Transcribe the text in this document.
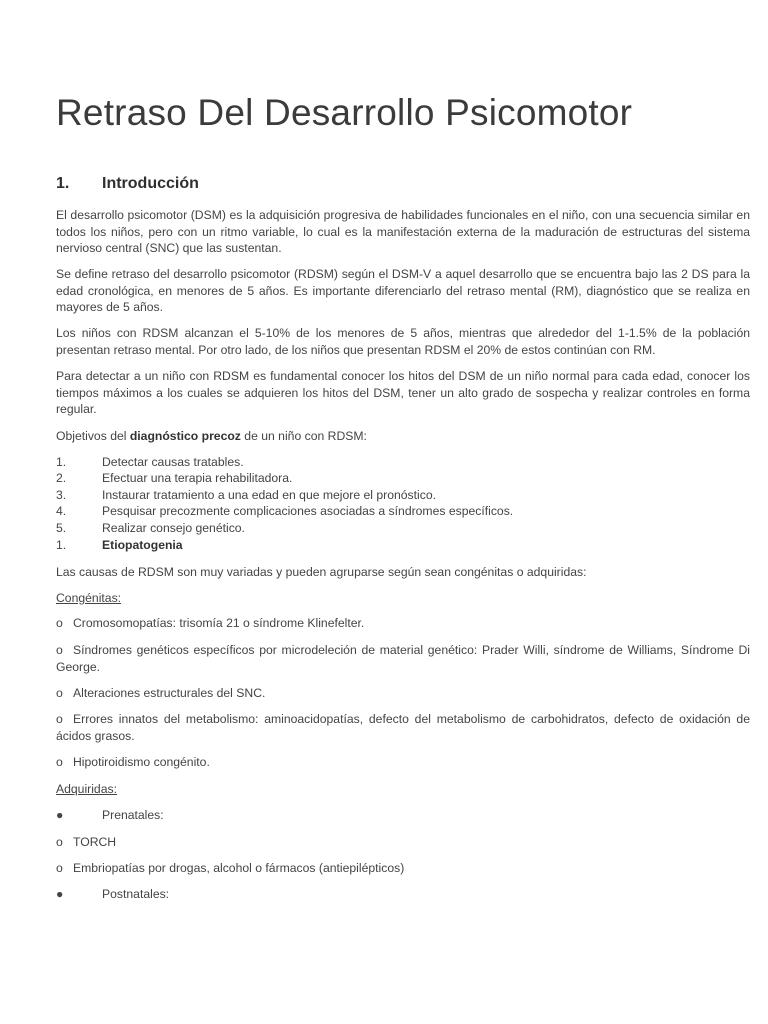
Retraso Del Desarrollo Psicomotor
1. Introducción

El desarrollo psicomotor (DSM) es la adquisición progresiva de habilidades funcionales en el niño, con una secuencia similar en todos los niños, pero con un ritmo variable, lo cual es la manifestación externa de la maduración de estructuras del sistema nervioso central (SNC) que las sustentan.

Se define retraso del desarrollo psicomotor (RDSM) según el DSM-V a aquel desarrollo que se encuentra bajo las 2 DS para la edad cronológica, en menores de 5 años. Es importante diferenciarlo del retraso mental (RM), diagnóstico que se realiza en mayores de 5 años.

Los niños con RDSM alcanzan el 5-10% de los menores de 5 años, mientras que alrededor del 1-1.5% de la población presentan retraso mental. Por otro lado, de los niños que presentan RDSM el 20% de estos continúan con RM.

Para detectar a un niño con RDSM es fundamental conocer los hitos del DSM de un niño normal para cada edad, conocer los tiempos máximos a los cuales se adquieren los hitos del DSM, tener un alto grado de sospecha y realizar controles en forma regular.

Objetivos del diagnóstico precoz de un niño con RDSM:
1.	Detectar causas tratables.
2.	Efectuar una terapia rehabilitadora.
3.	Instaurar tratamiento a una edad en que mejore el pronóstico.
4.	Pesquisar precozmente complicaciones asociadas a síndromes específicos.
5.	Realizar consejo genético.
1.	Etiopatogenia
Las causas de RDSM son muy variadas y pueden agruparse según sean congénitas o adquiridas:
Congénitas:
o Cromosomopatías: trisomía 21 o síndrome Klinefelter.

o Síndromes genéticos específicos por microdeleción de material genético: Prader Willi, síndrome de Williams, Síndrome Di George.

o Alteraciones estructurales del SNC.

o Errores innatos del metabolismo: aminoacidopatías, defecto del metabolismo de carbohidratos, defecto de oxidación de ácidos grasos.

o Hipotiroidismo congénito.
Adquiridas:
●	Prenatales:
o TORCH
o Embriopatías por drogas, alcohol o fármacos (antiepilépticos)
●	Postnatales:
